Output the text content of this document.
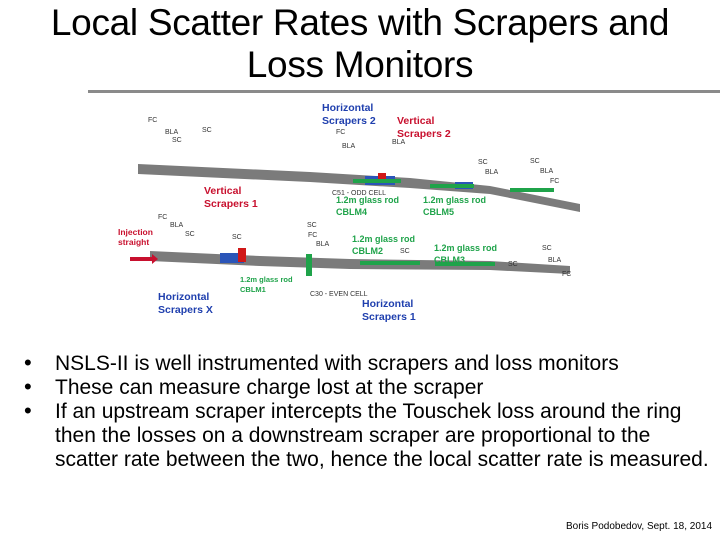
Local Scatter Rates with Scrapers and Loss Monitors
FC
BLA	SC
SC
FC
BLA
BLA
SC
BLA
SC
BLA
FC
C51 - ODD CELL
FC
BLA
SC	SC
SC
FC
BLA
SC
SC
SC
BLA
FC
C30 - EVEN CELL
Horizontal Scrapers 2
Horizontal Scrapers X	Horizontal Scrapers 1
Vertical Scrapers 2
Vertical Scrapers 1
Injection straight
1.2m glass rod CBLM4
1.2m glass rod CBLM5
1.2m glass rod CBLM2	1.2m glass rod CBLM3
1.2m glass rod CBLM1
• NSLS-II is well instrumented with scrapers and loss monitors
• These can measure charge lost at the scraper
• If an upstream scraper intercepts the Touschek loss around the ring then the losses on a downstream scraper are proportional to the scatter rate between the two, hence the local scatter rate is measured.
Boris Podobedov, Sept. 18, 2014
